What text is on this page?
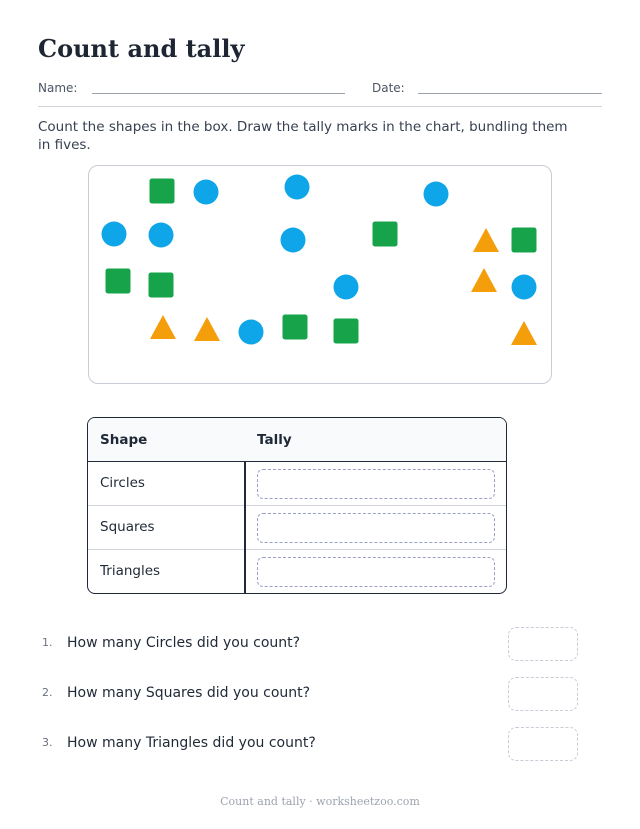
Count and tally
Name:	Date:

Count the shapes in the box. Draw the tally marks in the chart, bundling them in fives.

Shape	Tally
Circles
Squares
Triangles
1. How many Circles did you count?
2. How many Squares did you count?
3. How many Triangles did you count?
Count and tally · worksheetzoo.com
